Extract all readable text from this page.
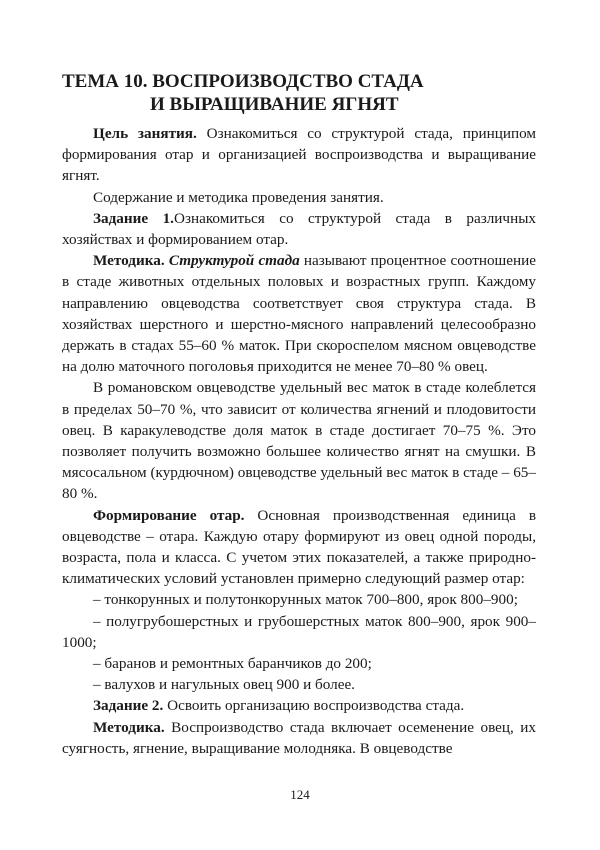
ТЕМА 10. ВОСПРОИЗВОДСТВО СТАДА
И ВЫРАЩИВАНИЕ ЯГНЯТ

Цель занятия. Ознакомиться со структурой стада, принципом формирования отар и организацией воспроизводства и выращивание ягнят.

Содержание и методика проведения занятия.

Задание 1.Ознакомиться со структурой стада в различных хозяйствах и формированием отар.

Методика. Структурой стада называют процентное соотношение в стаде животных отдельных половых и возрастных групп. Каждому направлению овцеводства соответствует своя структура стада. В хозяйствах шерстного и шерстно-мясного направлений целесообразно держать в стадах 55–60 % маток. При скороспелом мясном овцеводстве на долю маточного поголовья приходится не менее 70–80 % овец.

В романовском овцеводстве удельный вес маток в стаде колеблется в пределах 50–70 %, что зависит от количества ягнений и плодовитости овец. В каракулеводстве доля маток в стаде достигает 70–75 %. Это позволяет получить возможно большее количество ягнят на смушки. В мясосальном (курдючном) овцеводстве удельный вес маток в стаде – 65–80 %.

Формирование отар. Основная производственная единица в овцеводстве – отара. Каждую отару формируют из овец одной породы, возраста, пола и класса. С учетом этих показателей, а также природно-климатических условий установлен примерно следующий размер отар:

– тонкорунных и полутонкорунных маток 700–800, ярок 800–900;

– полугрубошерстных и грубошерстных маток 800–900, ярок 900–1000;

– баранов и ремонтных баранчиков до 200;

– валухов и нагульных овец 900 и более.

Задание 2. Освоить организацию воспроизводства стада.

Методика. Воспроизводство стада включает осеменение овец, их суягность, ягнение, выращивание молодняка. В овцеводстве

124
